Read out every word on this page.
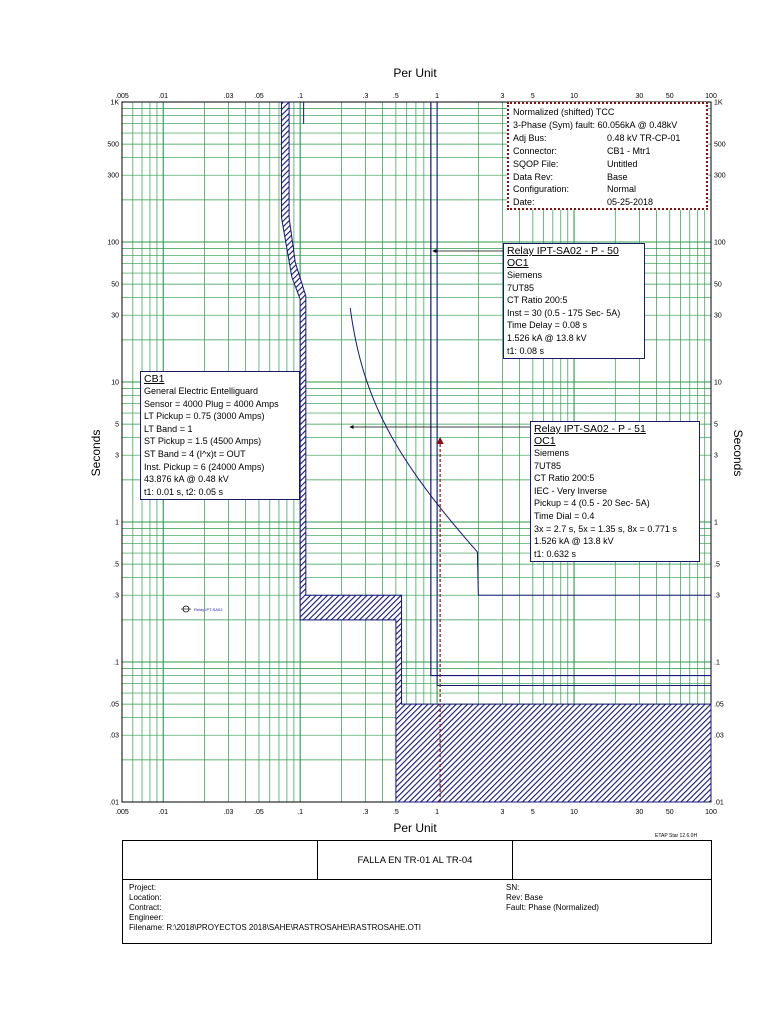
.005
.005
.01
.01
.03
.03
.05
.05
.1
.1
.3
.3
.5
.5
1
1
3
3
5
5
10
10
30
30
50
50
100
100
.01	.01
.03	.03
.05	.05
.1	.1
.3	.3
.5	.5
1	1
3	3
5	5
10	10
30	30
50	50
100	100
300	300
500	500
1K	1K
Per Unit
Per Unit
Seconds	Seconds
Relay IPT-SA02
Normalized (shifted) TCC
3-Phase (Sym) fault: 60.056kA @ 0.48kV
Adj Bus:	0.48 kV TR-CP-01
Connector:	CB1 - Mtr1
SQOP File:	Untitled
Data Rev:	Base
Configuration:	Normal
Date:	05-25-2018
Relay IPT-SA02 - P - 50
OC1
Siemens
7UT85
CT Ratio 200:5
Inst = 30 (0.5 - 175 Sec- 5A)
Time Delay = 0.08 s
1.526 kA @ 13.8 kV
t1: 0.08 s
CB1
General Electric Entelliguard
Sensor = 4000 Plug = 4000 Amps
LT Pickup = 0.75 (3000 Amps)
LT Band = 1
ST Pickup = 1.5 (4500 Amps)
ST Band = 4 (I^x)t = OUT
Inst. Pickup = 6 (24000 Amps)
43.876 kA @ 0.48 kV
t1: 0.01 s, t2: 0.05 s
Relay IPT-SA02 - P - 51
OC1
Siemens
7UT85
CT Ratio 200:5
IEC - Very Inverse
Pickup = 4 (0.5 - 20 Sec- 5A)
Time Dial = 0.4
3x = 2.7 s, 5x = 1.35 s, 8x = 0.771 s
1.526 kA @ 13.8 kV
t1: 0.632 s
ETAP Star 12.6.0H
FALLA EN TR-01 AL TR-04
Project:
Location:
Contract:
Engineer:
Filename: R:\2018\PROYECTOS 2018\SAHE\RASTROSAHE\RASTROSAHE.OTI
SN:
Rev: Base
Fault: Phase (Normalized)
